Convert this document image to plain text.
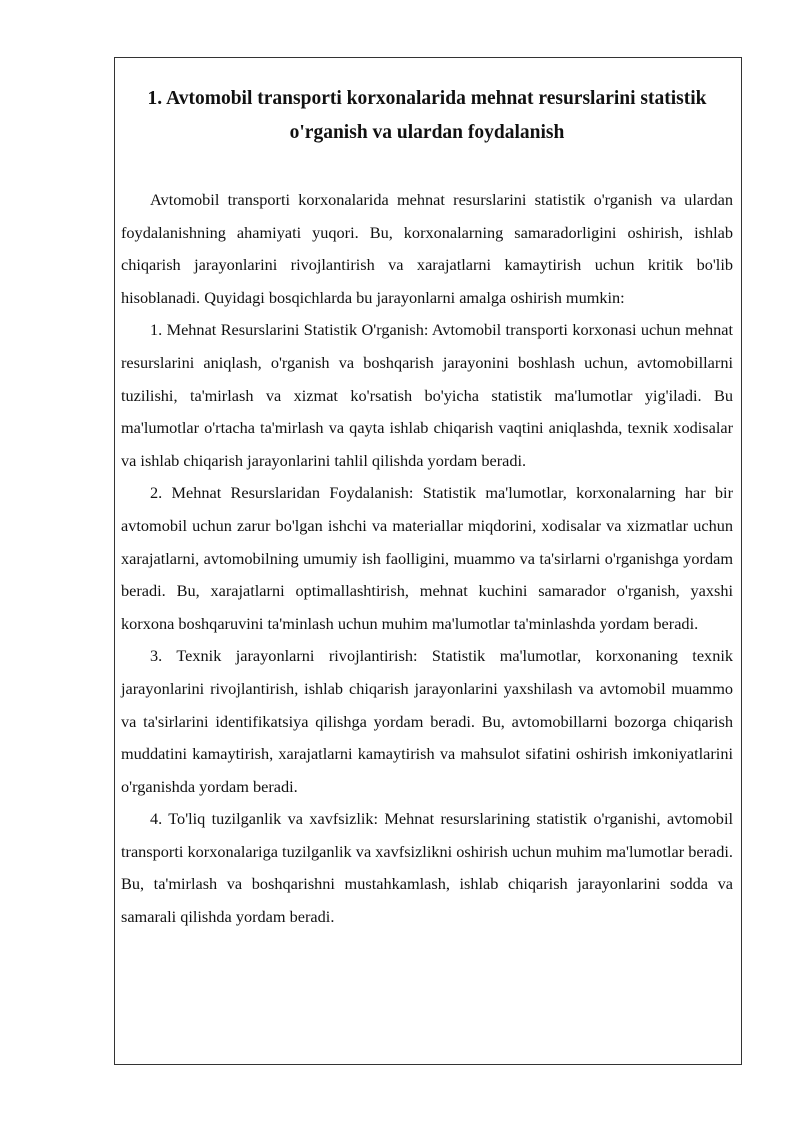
1. Avtomobil transporti korxonalarida mehnat resurslarini statistik o'rganish va ulardan foydalanish

Avtomobil transporti korxonalarida mehnat resurslarini statistik o'rganish va ulardan foydalanishning ahamiyati yuqori. Bu, korxonalarning samaradorligini oshirish, ishlab chiqarish jarayonlarini rivojlantirish va xarajatlarni kamaytirish uchun kritik bo'lib hisoblanadi. Quyidagi bosqichlarda bu jarayonlarni amalga oshirish mumkin:

1. Mehnat Resurslarini Statistik O'rganish: Avtomobil transporti korxonasi uchun mehnat resurslarini aniqlash, o'rganish va boshqarish jarayonini boshlash uchun, avtomobillarni tuzilishi, ta'mirlash va xizmat ko'rsatish bo'yicha statistik ma'lumotlar yig'iladi. Bu ma'lumotlar o'rtacha ta'mirlash va qayta ishlab chiqarish vaqtini aniqlashda, texnik xodisalar va ishlab chiqarish jarayonlarini tahlil qilishda yordam beradi.

2. Mehnat Resurslaridan Foydalanish: Statistik ma'lumotlar, korxonalarning har bir avtomobil uchun zarur bo'lgan ishchi va materiallar miqdorini, xodisalar va xizmatlar uchun xarajatlarni, avtomobilning umumiy ish faolligini, muammo va ta'sirlarni o'rganishga yordam beradi. Bu, xarajatlarni optimallashtirish, mehnat kuchini samarador o'rganish, yaxshi korxona boshqaruvini ta'minlash uchun muhim ma'lumotlar ta'minlashda yordam beradi.

3. Texnik jarayonlarni rivojlantirish: Statistik ma'lumotlar, korxonaning texnik jarayonlarini rivojlantirish, ishlab chiqarish jarayonlarini yaxshilash va avtomobil muammo va ta'sirlarini identifikatsiya qilishga yordam beradi. Bu, avtomobillarni bozorga chiqarish muddatini kamaytirish, xarajatlarni kamaytirish va mahsulot sifatini oshirish imkoniyatlarini o'rganishda yordam beradi.

4. To'liq tuzilganlik va xavfsizlik: Mehnat resurslarining statistik o'rganishi, avtomobil transporti korxonalariga tuzilganlik va xavfsizlikni oshirish uchun muhim ma'lumotlar beradi. Bu, ta'mirlash va boshqarishni mustahkamlash, ishlab chiqarish jarayonlarini sodda va samarali qilishda yordam beradi.
